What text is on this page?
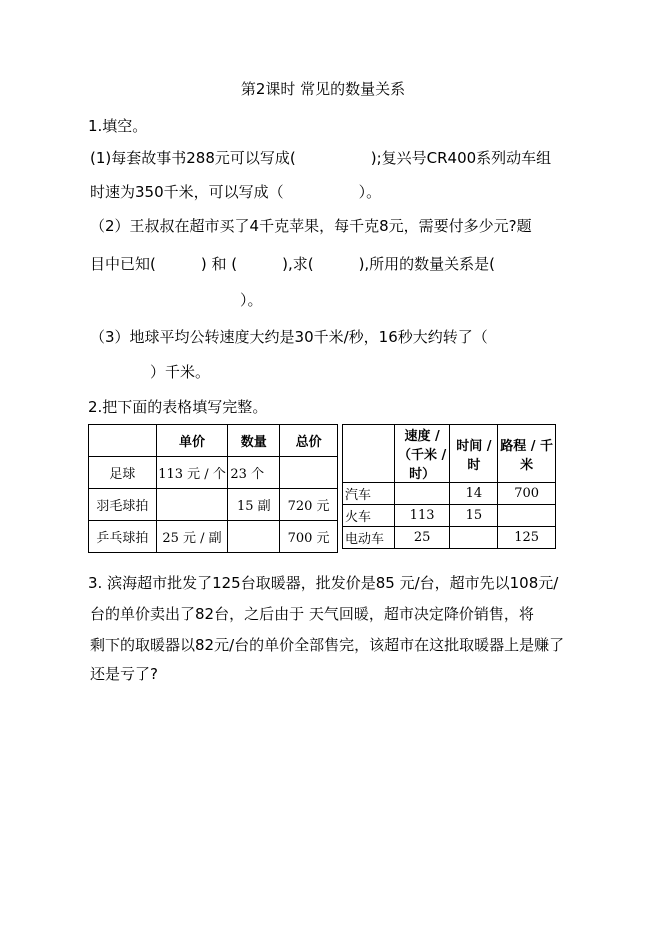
第2课时 常见的数量关系
1.填空。
(1)每套故事书288元可以写成(　　　　　);复兴号CR400系列动车组
时速为350千米，可以写成（　　　　　）。
（2）王叔叔在超市买了4千克苹果，每千克8元，需要付多少元?题
目中已知(　　　) 和 (　　　),求(　　　),所用的数量关系是(
　　　　　　　　　　）。
（3）地球平均公转速度大约是30千米/秒，16秒大约转了（
　　　　）千米。
2.把下面的表格填写完整。
	单价	数量	总价
足球	113 元 / 个	23 个	
羽毛球拍		15 副	720 元
乒乓球拍	25 元 / 副		700 元
	速度 /（千米 / 时）	时间 / 时	路程 / 千米
汽车		14	700
火车	113	15	
电动车	25		125
3. 滨海超市批发了125台取暖器，批发价是85 元/台，超市先以108元/
台的单价卖出了82台，之后由于 天气回暖，超市决定降价销售，将
剩下的取暖器以82元/台的单价全部售完，该超市在这批取暖器上是赚了
还是亏了?
